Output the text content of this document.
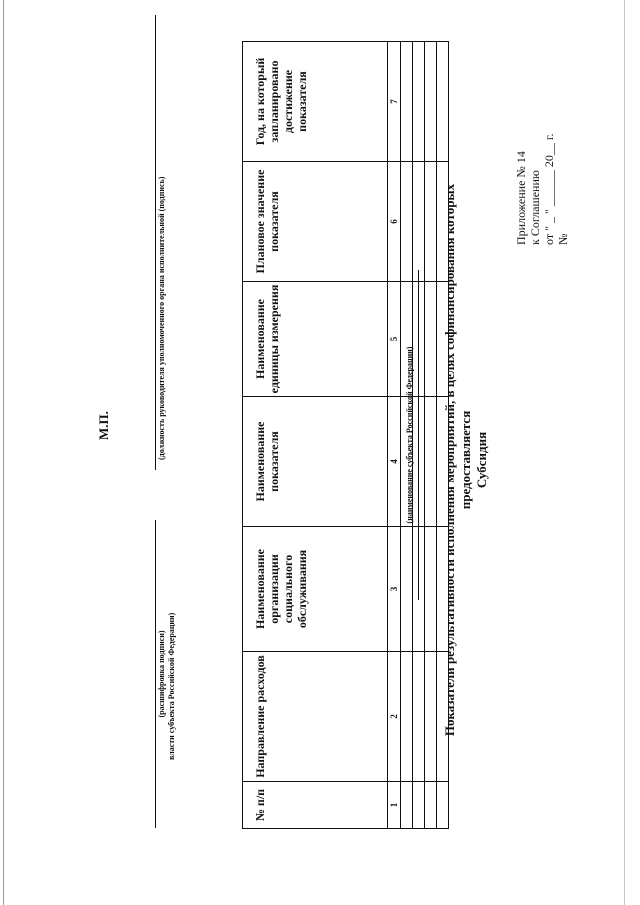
Приложение № 14 к Соглашению от " _ " ______ 20__ г. №
Показатели результативности исполнения мероприятий, в целях софинансирования которых предоставляется Субсидия
(наименование субъекта Российской Федерации)
№ п/п	Направление расходов	Наименование организации социального обслуживания	Наименование показателя	Наименование единицы измерения	Плановое значение показателя	Год, на который запланировано достижение показателя
1	2	3	4	5	6	7

(должность руководителя уполномоченного органа исполнительной (подпись)
власти субъекта Российской Федерации)
(расшифровка подписи)
М.П.
